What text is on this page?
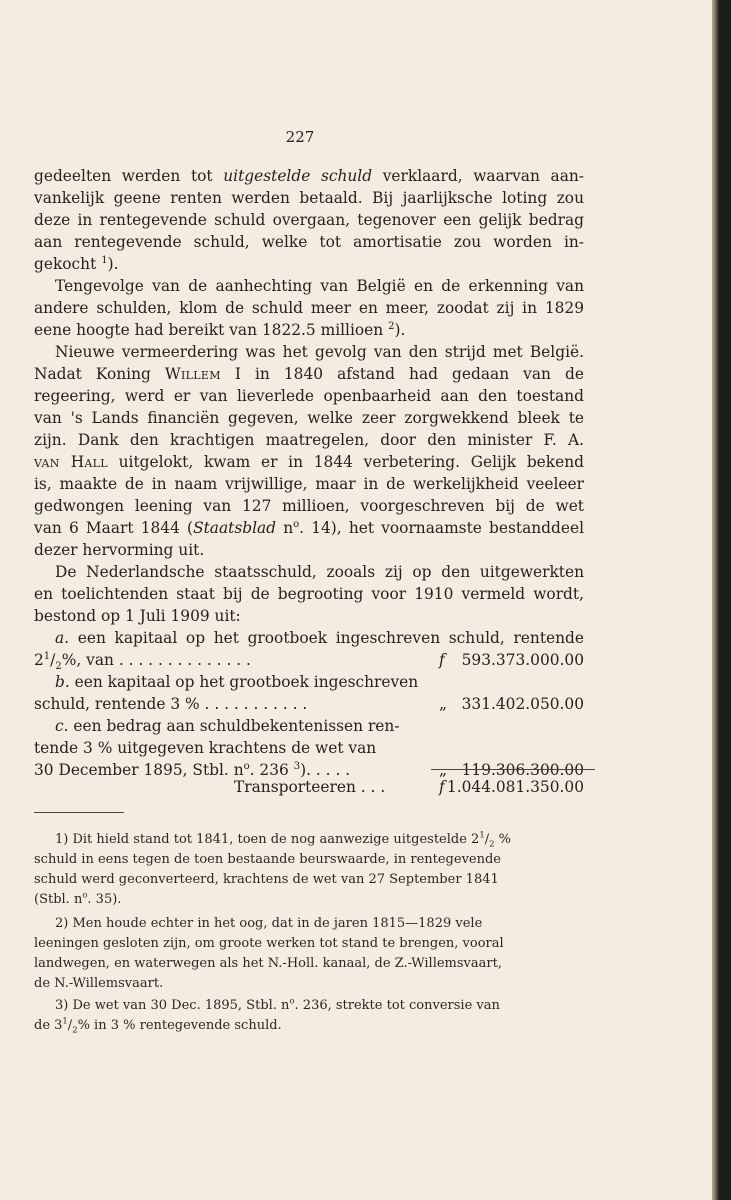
227
gedeelten werden tot uitgestelde schuld verklaard, waarvan aan-
vankelijk geene renten werden betaald. Bij jaarlijksche loting zou
deze in rentegevende schuld overgaan, tegenover een gelijk bedrag
aan rentegevende schuld, welke tot amortisatie zou worden in-
gekocht $^1$).
Tengevolge van de aanhechting van België en de erkenning van
andere schulden, klom de schuld meer en meer, zoodat zij in 1829
eene hoogte had bereikt van 1822.5 millioen $^2$).
Nieuwe vermeerdering was het gevolg van den strijd met België.
Nadat Koning Willem I in 1840 afstand had gedaan van de
regeering, werd er van lieverlede openbaarheid aan den toestand
van 's Lands financiën gegeven, welke zeer zorgwekkend bleek te
zijn. Dank den krachtigen maatregelen, door den minister F. A.
van Hall uitgelokt, kwam er in 1844 verbetering. Gelijk bekend
is, maakte de in naam vrijwillige, maar in de werkelijkheid veeleer
gedwongen leening van 127 millioen, voorgeschreven bij de wet
van 6 Maart 1844 (Staatsblad $n^o$. 14), het voornaamste bestanddeel
dezer hervorming uit.
De Nederlandsche staatsschuld, zooals zij op den uitgewerkten
en toelichtenden staat bij de begrooting voor 1910 vermeld wordt,
bestond op 1 Juli 1909 uit:
a. een kapitaal op het grootboek ingeschreven schuld, rentende
$2^1/_2\%$, van . . . . . . . . . . . . . .	f 593.373.000.00
b. een kapitaal op het grootboek ingeschreven
schuld, rentende 3 % . . . . . . . . . . .	„ 331.402.050.00
c. een bedrag aan schuldbekentenissen ren-
tende 3 % uitgegeven krachtens de wet van
30 December 1895, Stbl. $n^o$. 236 $^3$). . . . .	„ 119.306.300.00
Transporteeren . . .	f 1.044.081.350.00
1) Dit hield stand tot 1841, toen de nog aanwezige uitgestelde $2^1/_2$ %
schuld in eens tegen de toen bestaande beurswaarde, in rentegevende
schuld werd geconverteerd, krachtens de wet van 27 September 1841
(Stbl. $n^o$. 35).
2) Men houde echter in het oog, dat in de jaren 1815—1829 vele
leeningen gesloten zijn, om groote werken tot stand te brengen, vooral
landwegen, en waterwegen als het N.-Holl. kanaal, de Z.-Willemsvaart,
de N.-Willemsvaart.
3) De wet van 30 Dec. 1895, Stbl. $n^o$. 236, strekte tot conversie van
de $3^1/_2\%$ in 3 % rentegevende schuld.
